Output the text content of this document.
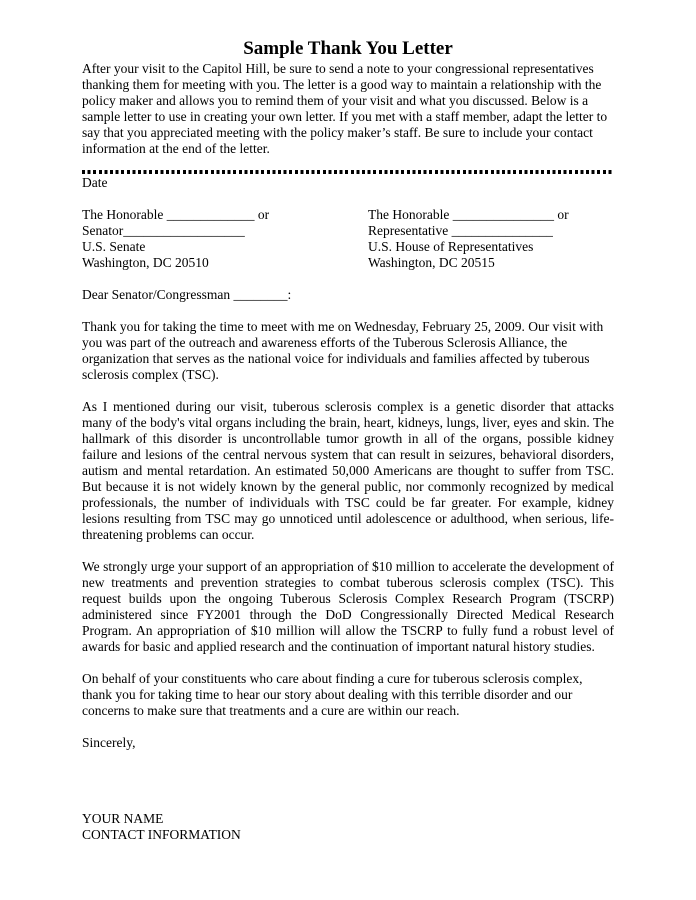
Sample Thank You Letter

After your visit to the Capitol Hill, be sure to send a note to your congressional representatives thanking them for meeting with you. The letter is a good way to maintain a relationship with the policy maker and allows you to remind them of your visit and what you discussed. Below is a sample letter to use in creating your own letter. If you met with a staff member, adapt the letter to say that you appreciated meeting with the policy maker’s staff. Be sure to include your contact information at the end of the letter.

Date
The Honorable _____________ or
Senator__________________
U.S. Senate
Washington, DC 20510
The Honorable _______________ or
Representative _______________
U.S. House of Representatives
Washington, DC 20515

Dear Senator/Congressman ________:

Thank you for taking the time to meet with me on Wednesday, February 25, 2009. Our visit with you was part of the outreach and awareness efforts of the Tuberous Sclerosis Alliance, the organization that serves as the national voice for individuals and families affected by tuberous sclerosis complex (TSC).

As I mentioned during our visit, tuberous sclerosis complex is a genetic disorder that attacks many of the body's vital organs including the brain, heart, kidneys, lungs, liver, eyes and skin. The hallmark of this disorder is uncontrollable tumor growth in all of the organs, possible kidney failure and lesions of the central nervous system that can result in seizures, behavioral disorders, autism and mental retardation. An estimated 50,000 Americans are thought to suffer from TSC. But because it is not widely known by the general public, nor commonly recognized by medical professionals, the number of individuals with TSC could be far greater. For example, kidney lesions resulting from TSC may go unnoticed until adolescence or adulthood, when serious, life-threatening problems can occur.

We strongly urge your support of an appropriation of $10 million to accelerate the development of new treatments and prevention strategies to combat tuberous sclerosis complex (TSC). This request builds upon the ongoing Tuberous Sclerosis Complex Research Program (TSCRP) administered since FY2001 through the DoD Congressionally Directed Medical Research Program. An appropriation of $10 million will allow the TSCRP to fully fund a robust level of awards for basic and applied research and the continuation of important natural history studies.

On behalf of your constituents who care about finding a cure for tuberous sclerosis complex, thank you for taking time to hear our story about dealing with this terrible disorder and our concerns to make sure that treatments and a cure are within our reach.

Sincerely,

YOUR NAME
CONTACT INFORMATION
